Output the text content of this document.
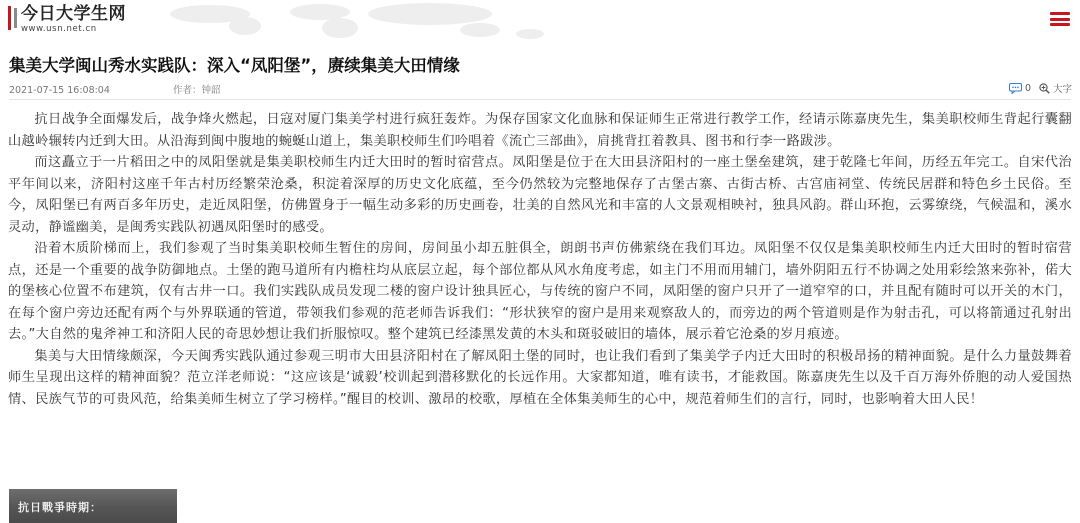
今日大学生网
www.usn.net.cn
集美大学闽山秀水实践队：深入“凤阳堡”，赓续集美大田情缘
2021-07-15 16:08:04	作者：钟韶	0 大字

抗日战争全面爆发后，战争烽火燃起，日寇对厦门集美学村进行疯狂轰炸。为保存国家文化血脉和保证师生正常进行教学工作，经请示陈嘉庚先生，集美职校师生背起行囊翻山越岭辗转内迁到大田。从沿海到闽中腹地的蜿蜒山道上，集美职校师生们吟唱着《流亡三部曲》，肩挑背扛着教具、图书和行李一路跋涉。

而这矗立于一片稻田之中的凤阳堡就是集美职校师生内迁大田时的暂时宿营点。凤阳堡是位于在大田县济阳村的一座土堡垒建筑，建于乾隆七年间，历经五年完工。自宋代治平年间以来，济阳村这座千年古村历经繁荣沧桑，积淀着深厚的历史文化底蕴，至今仍然较为完整地保存了古堡古寨、古街古桥、古宫庙祠堂、传统民居群和特色乡土民俗。至今，凤阳堡已有两百多年历史，走近凤阳堡，仿佛置身于一幅生动多彩的历史画卷，壮美的自然风光和丰富的人文景观相映衬，独具风韵。群山环抱，云雾缭绕，气候温和，溪水灵动，静谧幽美，是闽秀实践队初遇凤阳堡时的感受。

沿着木质阶梯而上，我们参观了当时集美职校师生暂住的房间，房间虽小却五脏俱全，朗朗书声仿佛萦绕在我们耳边。凤阳堡不仅仅是集美职校师生内迁大田时的暂时宿营点，还是一个重要的战争防御地点。土堡的跑马道所有内檐柱均从底层立起，每个部位都从风水角度考虑，如主门不用而用辅门，墙外阴阳五行不协调之处用彩绘煞来弥补，偌大的堡核心位置不布建筑，仅有古井一口。我们实践队成员发现二楼的窗户设计独具匠心，与传统的窗户不同，凤阳堡的窗户只开了一道窄窄的口，并且配有随时可以开关的木门，在每个窗户旁边还配有两个与外界联通的管道，带领我们参观的范老师告诉我们：“形状狭窄的窗户是用来观察敌人的，而旁边的两个管道则是作为射击孔，可以将箭通过孔射出去。”大自然的鬼斧神工和济阳人民的奇思妙想让我们折服惊叹。整个建筑已经漆黑发黄的木头和斑驳破旧的墙体，展示着它沧桑的岁月痕迹。

集美与大田情缘颇深，今天闽秀实践队通过参观三明市大田县济阳村在了解凤阳土堡的同时，也让我们看到了集美学子内迁大田时的积极昂扬的精神面貌。是什么力量鼓舞着师生呈现出这样的精神面貌？范立洋老师说：“这应该是‘诚毅’校训起到潜移默化的长远作用。大家都知道，唯有读书，才能救国。陈嘉庚先生以及千百万海外侨胞的动人爱国热情、民族气节的可贵风范，给集美师生树立了学习榜样。”醒目的校训、激昂的校歌，厚植在全体集美师生的心中，规范着师生们的言行，同时，也影响着大田人民！

抗日戰爭時期：
